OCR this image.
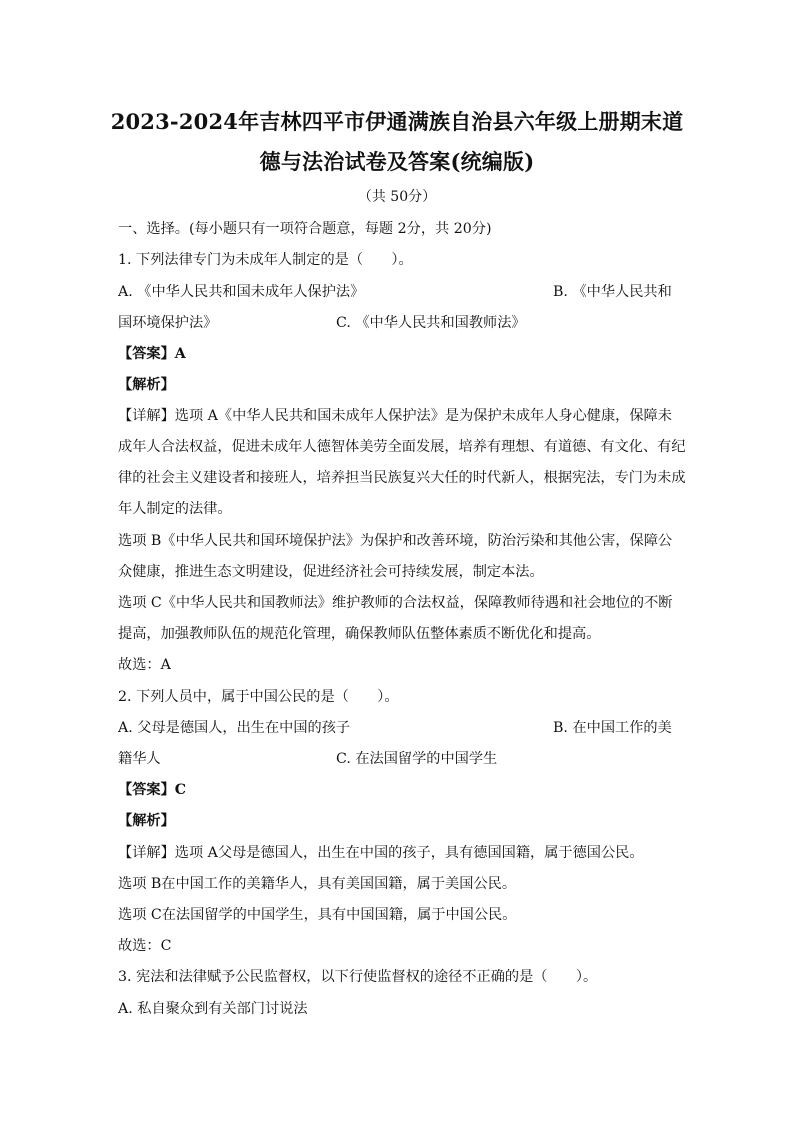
2023-2024年吉林四平市伊通满族自治县六年级上册期末道
德与法治试卷及答案(统编版)
（共 50分）
一、选择。(每小题只有一项符合题意，每题 2分，共 20分)
1. 下列法律专门为未成年人制定的是（　　）。
A. 《中华人民共和国未成年人保护法》	B. 《中华人民共和
国环境保护法》	C. 《中华人民共和国教师法》
【答案】A
【解析】
【详解】选项 A《中华人民共和国未成年人保护法》是为保护未成年人身心健康，保障未
成年人合法权益，促进未成年人德智体美劳全面发展，培养有理想、有道德、有文化、有纪
律的社会主义建设者和接班人，培养担当民族复兴大任的时代新人，根据宪法，专门为未成
年人制定的法律。
选项 B《中华人民共和国环境保护法》为保护和改善环境，防治污染和其他公害，保障公
众健康，推进生态文明建设，促进经济社会可持续发展，制定本法。
选项 C《中华人民共和国教师法》维护教师的合法权益，保障教师待遇和社会地位的不断
提高，加强教师队伍的规范化管理，确保教师队伍整体素质不断优化和提高。
故选：A
2. 下列人员中，属于中国公民的是（　　）。
A. 父母是德国人，出生在中国的孩子	B. 在中国工作的美
籍华人	C. 在法国留学的中国学生
【答案】C
【解析】
【详解】选项 A父母是德国人，出生在中国的孩子，具有德国国籍，属于德国公民。
选项 B在中国工作的美籍华人，具有美国国籍，属于美国公民。
选项 C在法国留学的中国学生，具有中国国籍，属于中国公民。
故选：C
3. 宪法和法律赋予公民监督权，以下行使监督权的途径不正确的是（　　）。
A. 私自聚众到有关部门讨说法
